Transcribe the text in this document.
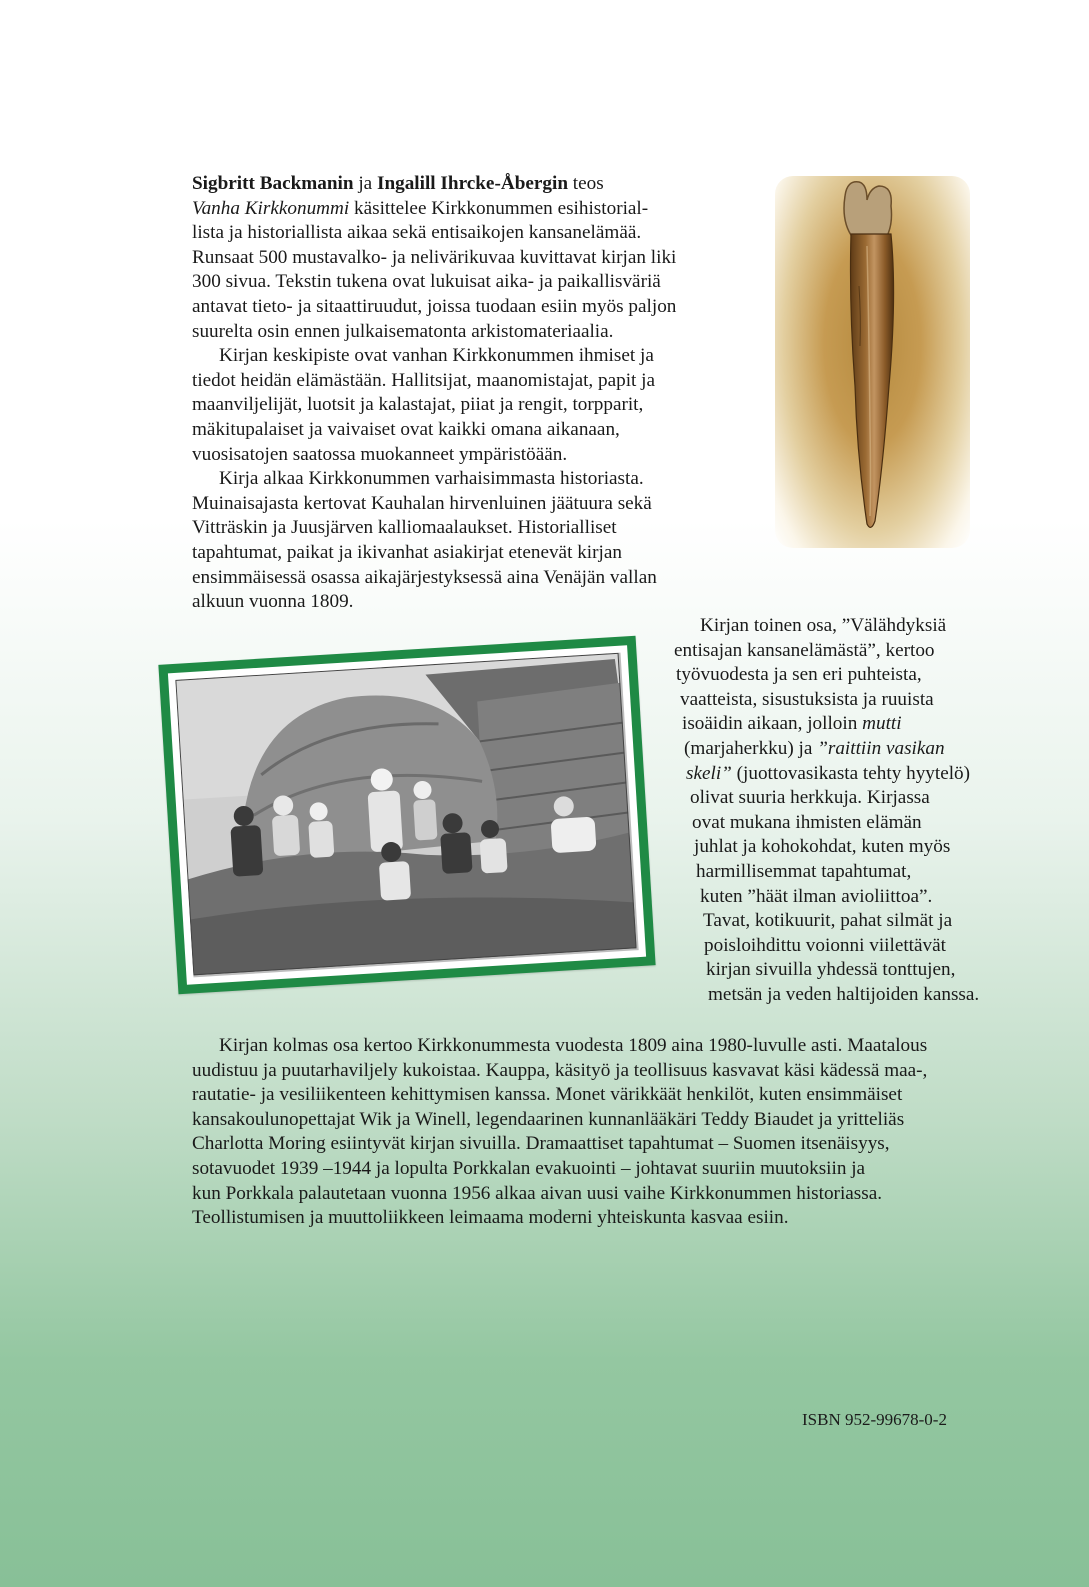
Sigbritt Backmanin ja Ingalill Ihrcke-Åbergin teos
Vanha Kirkkonummi käsittelee Kirkkonummen esihistorial-
lista ja historiallista aikaa sekä entisaikojen kansanelämää.
Runsaat 500 mustavalko- ja nelivärikuvaa kuvittavat kirjan liki
300 sivua. Tekstin tukena ovat lukuisat aika- ja paikallisväriä
antavat tieto- ja sitaattiruudut, joissa tuodaan esiin myös paljon
suurelta osin ennen julkaisematonta arkistomateriaalia.
Kirjan keskipiste ovat vanhan Kirkkonummen ihmiset ja
tiedot heidän elämästään. Hallitsijat, maanomistajat, papit ja
maanviljelijät, luotsit ja kalastajat, piiat ja rengit, torpparit,
mäkitupalaiset ja vaivaiset ovat kaikki omana aikanaan,
vuosisatojen saatossa muokanneet ympäristöään.
Kirja alkaa Kirkkonummen varhaisimmasta historiasta.
Muinaisajasta kertovat Kauhalan hirvenluinen jäätuura sekä
Vitträskin ja Juusjärven kalliomaalaukset. Historialliset
tapahtumat, paikat ja ikivanhat asiakirjat etenevät kirjan
ensimmäisessä osassa aikajärjestyksessä aina Venäjän vallan
alkuun vuonna 1809.
Kirjan toinen osa, ”Välähdyksiä
entisajan kansanelämästä”, kertoo
työvuodesta ja sen eri puhteista,
vaatteista, sisustuksista ja ruuista
isoäidin aikaan, jolloin mutti
(marjaherkku) ja ”raittiin vasikan
skeli” (juottovasikasta tehty hyytelö)
olivat suuria herkkuja. Kirjassa
ovat mukana ihmisten elämän
juhlat ja kohokohdat, kuten myös
harmillisemmat tapahtumat,
kuten ”häät ilman avioliittoa”.
Tavat, kotikuurit, pahat silmät ja
poisloihdittu voionni viilettävät
kirjan sivuilla yhdessä tonttujen,
metsän ja veden haltijoiden kanssa.
Kirjan kolmas osa kertoo Kirkkonummesta vuodesta 1809 aina 1980-luvulle asti. Maatalous
uudistuu ja puutarhaviljely kukoistaa. Kauppa, käsityö ja teollisuus kasvavat käsi kädessä maa-,
rautatie- ja vesiliikenteen kehittymisen kanssa. Monet värikkäät henkilöt, kuten ensimmäiset
kansakoulunopettajat Wik ja Winell, legendaarinen kunnanlääkäri Teddy Biaudet ja yritteliäs
Charlotta Moring esiintyvät kirjan sivuilla. Dramaattiset tapahtumat – Suomen itsenäisyys,
sotavuodet 1939 –1944 ja lopulta Porkkalan evakuointi – johtavat suuriin muutoksiin ja
kun Porkkala palautetaan vuonna 1956 alkaa aivan uusi vaihe Kirkkonummen historiassa.
Teollistumisen ja muuttoliikkeen leimaama moderni yhteiskunta kasvaa esiin.
ISBN 952-99678-0-2
